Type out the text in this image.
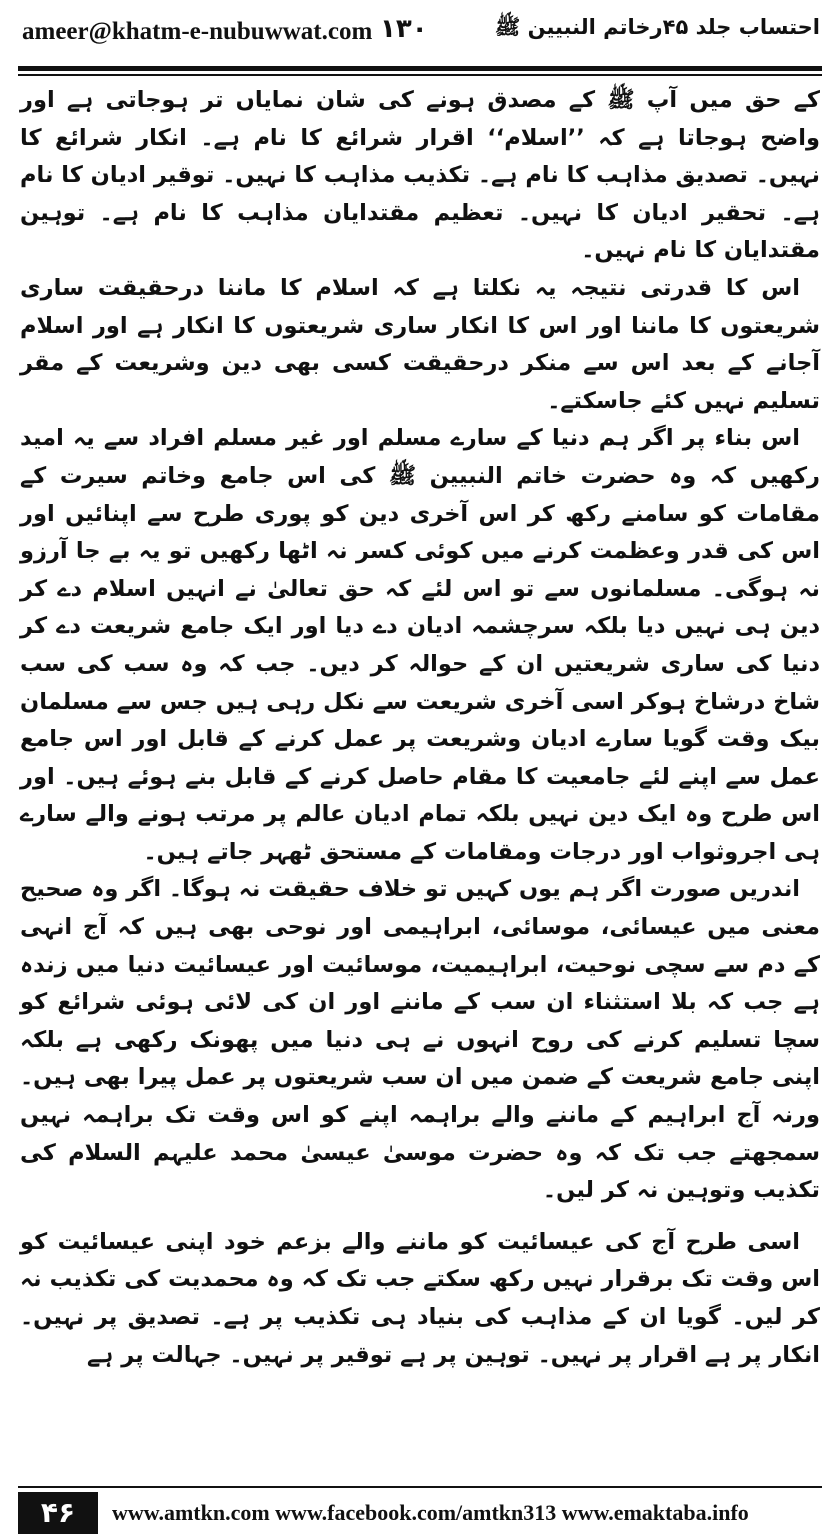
ameer@khatm-e-nubuwwat.com ۱۳۰	احتساب جلد ۴۵رخاتم النبیین ﷺ

کے حق میں آپ ﷺ کے مصدق ہونے کی شان نمایاں تر ہوجاتی ہے اور واضح ہوجاتا ہے کہ ’’اسلام‘‘ اقرار شرائع کا نام ہے۔ انکار شرائع کا نہیں۔ تصدیق مذاہب کا نام ہے۔ تکذیب مذاہب کا نہیں۔ توقیر ادیان کا نام ہے۔ تحقیر ادیان کا نہیں۔ تعظیم مقتدایان مذاہب کا نام ہے۔ توہین مقتدایان کا نام نہیں۔

اس کا قدرتی نتیجہ یہ نکلتا ہے کہ اسلام کا ماننا درحقیقت ساری شریعتوں کا ماننا اور اس کا انکار ساری شریعتوں کا انکار ہے اور اسلام آجانے کے بعد اس سے منکر درحقیقت کسی بھی دین وشریعت کے مقر تسلیم نہیں کئے جاسکتے۔

اس بناء پر اگر ہم دنیا کے سارے مسلم اور غیر مسلم افراد سے یہ امید رکھیں کہ وہ حضرت خاتم النبیین ﷺ کی اس جامع وخاتم سیرت کے مقامات کو سامنے رکھ کر اس آخری دین کو پوری طرح سے اپنائیں اور اس کی قدر وعظمت کرنے میں کوئی کسر نہ اٹھا رکھیں تو یہ بے جا آرزو نہ ہوگی۔ مسلمانوں سے تو اس لئے کہ حق تعالیٰ نے انہیں اسلام دے کر دین ہی نہیں دیا بلکہ سرچشمہ ادیان دے دیا اور ایک جامع شریعت دے کر دنیا کی ساری شریعتیں ان کے حوالہ کر دیں۔ جب کہ وہ سب کی سب شاخ درشاخ ہوکر اسی آخری شریعت سے نکل رہی ہیں جس سے مسلمان بیک وقت گویا سارے ادیان وشریعت پر عمل کرنے کے قابل اور اس جامع عمل سے اپنے لئے جامعیت کا مقام حاصل کرنے کے قابل بنے ہوئے ہیں۔ اور اس طرح وہ ایک دین نہیں بلکہ تمام ادیان عالم پر مرتب ہونے والے سارے ہی اجروثواب اور درجات ومقامات کے مستحق ٹھہر جاتے ہیں۔

اندریں صورت اگر ہم یوں کہیں تو خلاف حقیقت نہ ہوگا۔ اگر وہ صحیح معنی میں عیسائی، موسائی، ابراہیمی اور نوحی بھی ہیں کہ آج انہی کے دم سے سچی نوحیت، ابراہیمیت، موسائیت اور عیسائیت دنیا میں زندہ ہے جب کہ بلا استثناء ان سب کے ماننے اور ان کی لائی ہوئی شرائع کو سچا تسلیم کرنے کی روح انہوں نے ہی دنیا میں پھونک رکھی ہے بلکہ اپنی جامع شریعت کے ضمن میں ان سب شریعتوں پر عمل پیرا بھی ہیں۔ ورنہ آج ابراہیم کے ماننے والے براہمہ اپنے کو اس وقت تک براہمہ نہیں سمجھتے جب تک کہ وہ حضرت موسیٰ عیسیٰ محمد علیہم السلام کی تکذیب وتوہین نہ کر لیں۔

اسی طرح آج کی عیسائیت کو ماننے والے بزعم خود اپنی عیسائیت کو اس وقت تک برقرار نہیں رکھ سکتے جب تک کہ وہ محمدیت کی تکذیب نہ کر لیں۔ گویا ان کے مذاہب کی بنیاد ہی تکذیب پر ہے۔ تصدیق پر نہیں۔ انکار پر ہے اقرار پر نہیں۔ توہین پر ہے توقیر پر نہیں۔ جہالت پر ہے

۴۶	www.amtkn.com www.facebook.com/amtkn313 www.emaktaba.info
